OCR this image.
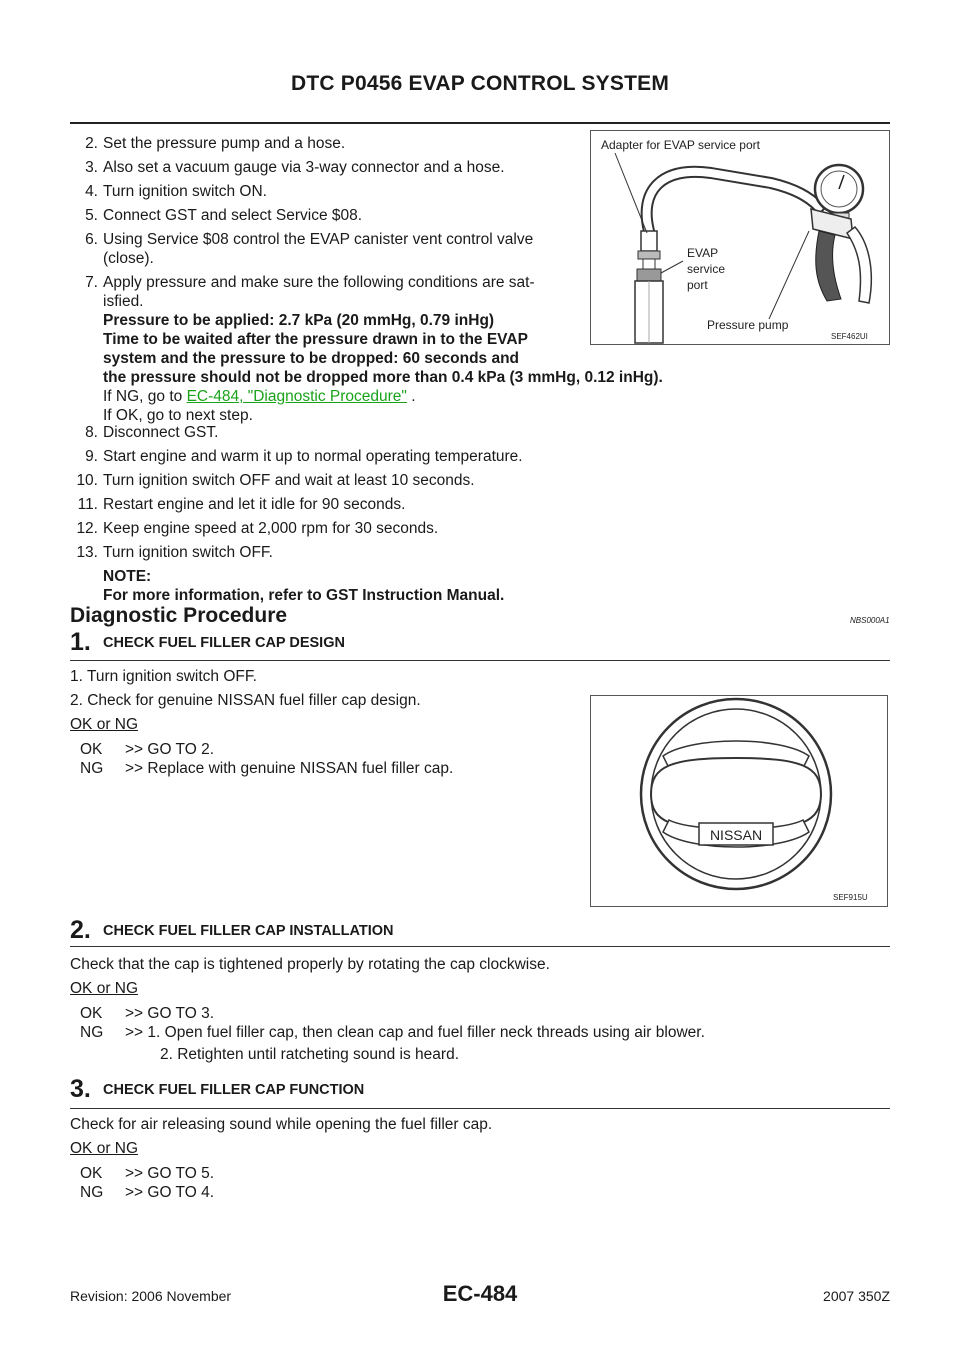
DTC P0456 EVAP CONTROL SYSTEM
2. Set the pressure pump and a hose.
3. Also set a vacuum gauge via 3-way connector and a hose.
4. Turn ignition switch ON.
5. Connect GST and select Service $08.
6. Using Service $08 control the EVAP canister vent control valve
(close).
7. Apply pressure and make sure the following conditions are sat-
isfied.
Pressure to be applied: 2.7 kPa (20 mmHg, 0.79 inHg)
Time to be waited after the pressure drawn in to the EVAP
system and the pressure to be dropped: 60 seconds and
the pressure should not be dropped more than 0.4 kPa (3 mmHg, 0.12 inHg).
If NG, go to EC-484, "Diagnostic Procedure" .
If OK, go to next step.
Adapter for EVAP service port
EVAP
service
port
Pressure pump
SEF462UI
8. Disconnect GST.
9. Start engine and warm it up to normal operating temperature.
10. Turn ignition switch OFF and wait at least 10 seconds.
11. Restart engine and let it idle for 90 seconds.
12. Keep engine speed at 2,000 rpm for 30 seconds.
13. Turn ignition switch OFF.
NOTE:
For more information, refer to GST Instruction Manual.
Diagnostic Procedure	NBS000A1
1. CHECK FUEL FILLER CAP DESIGN
1. Turn ignition switch OFF.
2. Check for genuine NISSAN fuel filler cap design.
OK or NG
OK >> GO TO 2.
NG >> Replace with genuine NISSAN fuel filler cap.
NISSAN
SEF915U
2. CHECK FUEL FILLER CAP INSTALLATION
Check that the cap is tightened properly by rotating the cap clockwise.
OK or NG
OK >> GO TO 3.
NG >> 1. Open fuel filler cap, then clean cap and fuel filler neck threads using air blower.
2. Retighten until ratcheting sound is heard.
3. CHECK FUEL FILLER CAP FUNCTION
Check for air releasing sound while opening the fuel filler cap.
OK or NG
OK >> GO TO 5.
NG >> GO TO 4.
Revision: 2006 November	EC-484	2007 350Z
